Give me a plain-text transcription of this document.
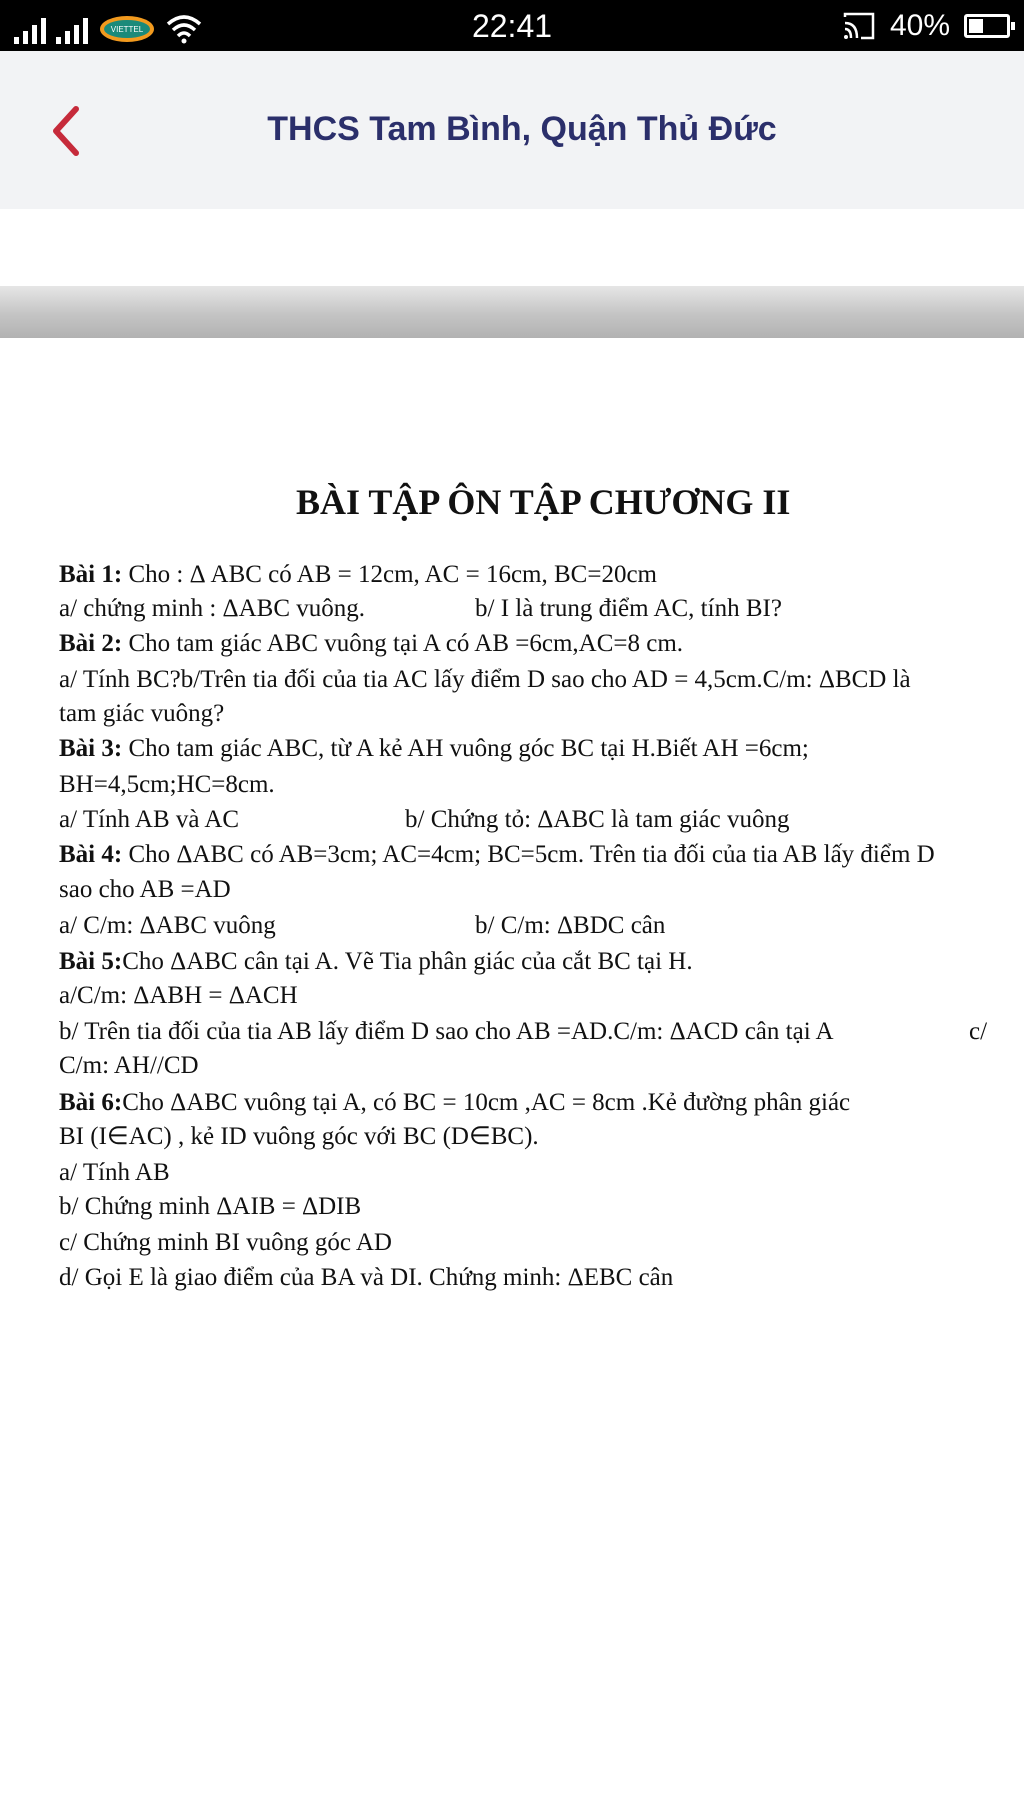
VIETTEL	22:41	40%
THCS Tam Bình, Quận Thủ Đức
BÀI TẬP ÔN TẬP CHƯƠNG II
Bài 1: Cho : Δ ABC có AB = 12cm, AC = 16cm, BC=20cm
a/ chứng minh : ΔABC vuông.	b/ I là trung điểm AC, tính BI?
Bài 2: Cho tam giác ABC vuông tại A có AB =6cm,AC=8 cm.
a/ Tính BC?b/Trên tia đối của tia AC lấy điểm D sao cho AD = 4,5cm.C/m: ΔBCD là
tam giác vuông?
Bài 3: Cho tam giác ABC, từ A kẻ AH vuông góc BC tại H.Biết AH =6cm;
BH=4,5cm;HC=8cm.
a/ Tính AB và AC	b/ Chứng tỏ: ΔABC là tam giác vuông
Bài 4: Cho ΔABC có AB=3cm; AC=4cm; BC=5cm. Trên tia đối của tia AB lấy điểm D
sao cho AB =AD
a/ C/m: ΔABC vuông	b/ C/m: ΔBDC cân
Bài 5:Cho ΔABC cân tại A. Vẽ Tia phân giác của cắt BC tại H.
a/C/m: ΔABH = ΔACH
b/ Trên tia đối của tia AB lấy điểm D sao cho AB =AD.C/m: ΔACD cân tại A	c/
C/m: AH//CD
Bài 6:Cho ΔABC vuông tại A, có BC = 10cm ,AC = 8cm .Kẻ đường phân giác
BI (I∈AC) , kẻ ID vuông góc với BC (D∈BC).
a/ Tính AB
b/ Chứng minh ΔAIB = ΔDIB
c/ Chứng minh BI vuông góc AD
d/ Gọi E là giao điểm của BA và DI. Chứng minh: ΔEBC cân
